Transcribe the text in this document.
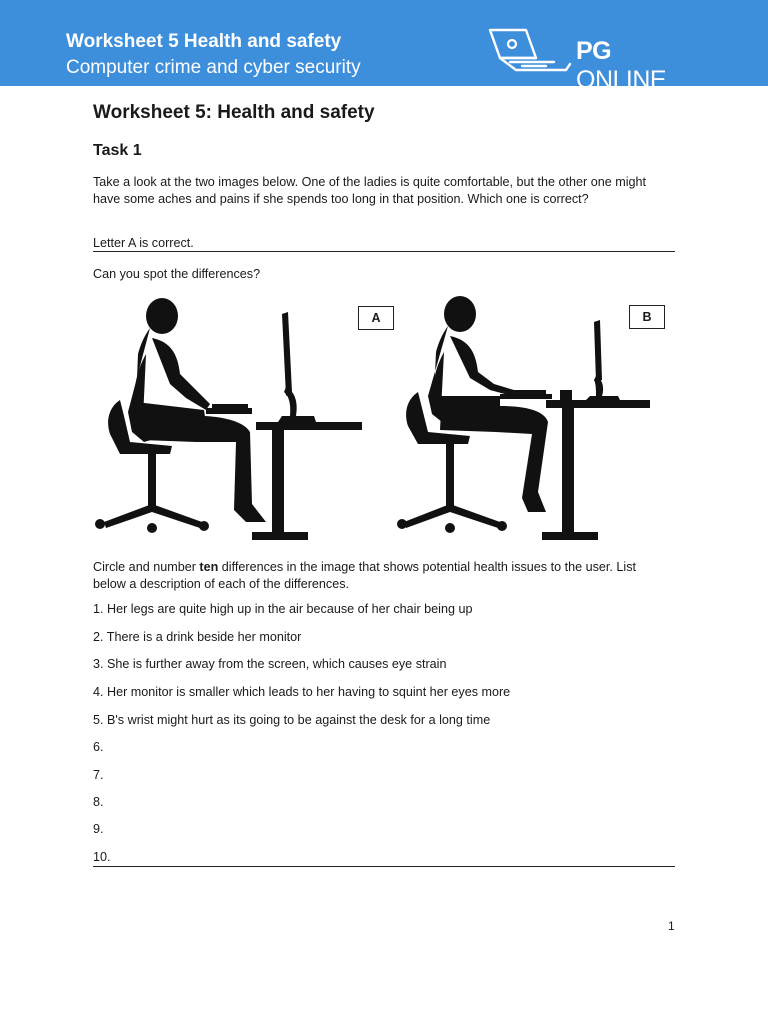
Worksheet 5 Health and safety
Computer crime and cyber security
PG ONLINE
Worksheet 5: Health and safety
Task 1
Take a look at the two images below. One of the ladies is quite comfortable, but the other one might have some aches and pains if she spends too long in that position. Which one is correct?
Letter A is correct.
Can you spot the differences?
A	B
Circle and number ten differences in the image that shows potential health issues to the user. List below a description of each of the differences.
1. Her legs are quite high up in the air because of her chair being up
2. There is a drink beside her monitor
3. She is further away from the screen, which causes eye strain
4. Her monitor is smaller which leads to her having to squint her eyes more
5. B's wrist might hurt as its going to be against the desk for a long time
6.
7.
8.
9.
10.
1
